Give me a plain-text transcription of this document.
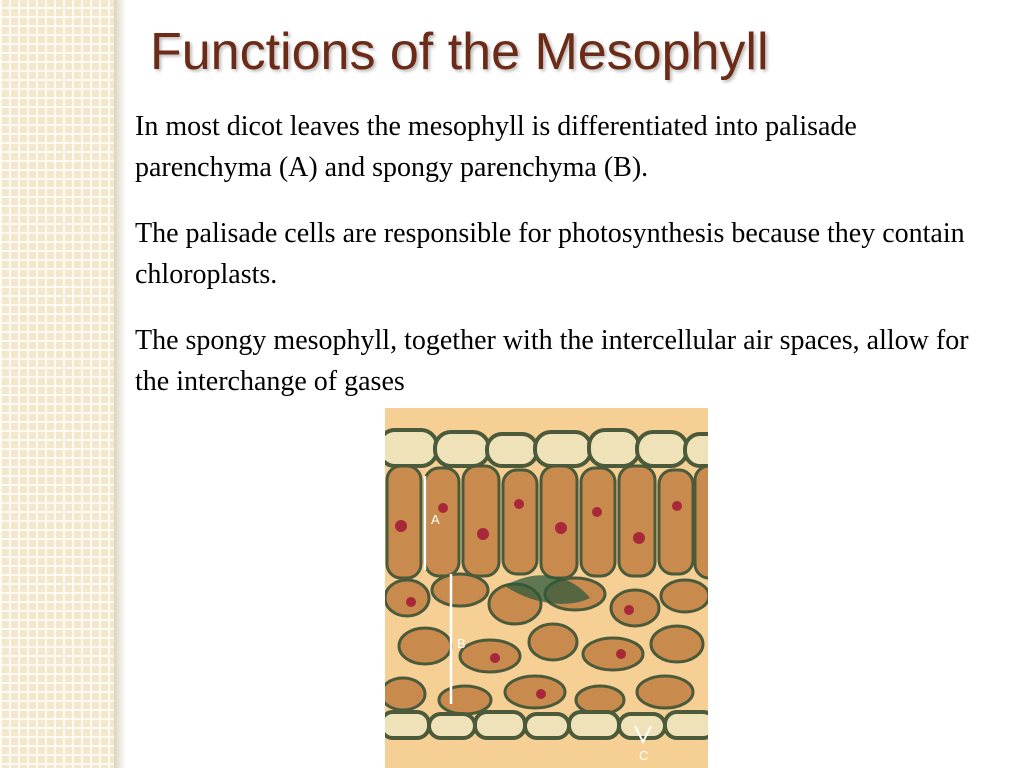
Functions of the Mesophyll

In most dicot leaves the mesophyll is differentiated into palisade parenchyma (A) and spongy parenchyma (B).

The palisade cells are responsible for photosynthesis because they contain chloroplasts.

The spongy mesophyll, together with the intercellular air spaces, allow for the interchange of gases

A
B
C
